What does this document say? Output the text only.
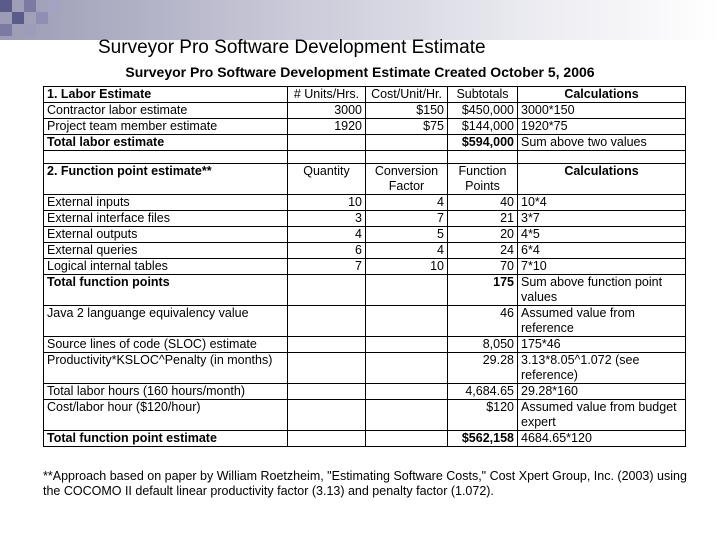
Surveyor Pro Software Development Estimate
Surveyor Pro Software Development Estimate Created October 5, 2006
1. Labor Estimate	# Units/Hrs.	Cost/Unit/Hr.	Subtotals	Calculations
Contractor labor estimate	3000	$150	$450,000	3000*150
Project team member estimate	1920	$75	$144,000	1920*75
Total labor estimate			$594,000	Sum above two values

2. Function point estimate**	Quantity	Conversion Factor	Function Points	Calculations
External inputs	10	4	40	10*4
External interface files	3	7	21	3*7
External outputs	4	5	20	4*5
External queries	6	4	24	6*4
Logical internal tables	7	10	70	7*10
Total function points			175	Sum above function point values
Java 2 languange equivalency value			46	Assumed value from reference
Source lines of code (SLOC) estimate			8,050	175*46
Productivity*KSLOC^Penalty (in months)			29.28	3.13*8.05^1.072 (see reference)
Total labor hours (160 hours/month)			4,684.65	29.28*160
Cost/labor hour ($120/hour)			$120	Assumed value from budget expert
Total function point estimate			$562,158	4684.65*120
**Approach based on paper by William Roetzheim, "Estimating Software Costs," Cost Xpert Group, Inc. (2003) using the COCOMO II default linear productivity factor (3.13) and penalty factor (1.072).
